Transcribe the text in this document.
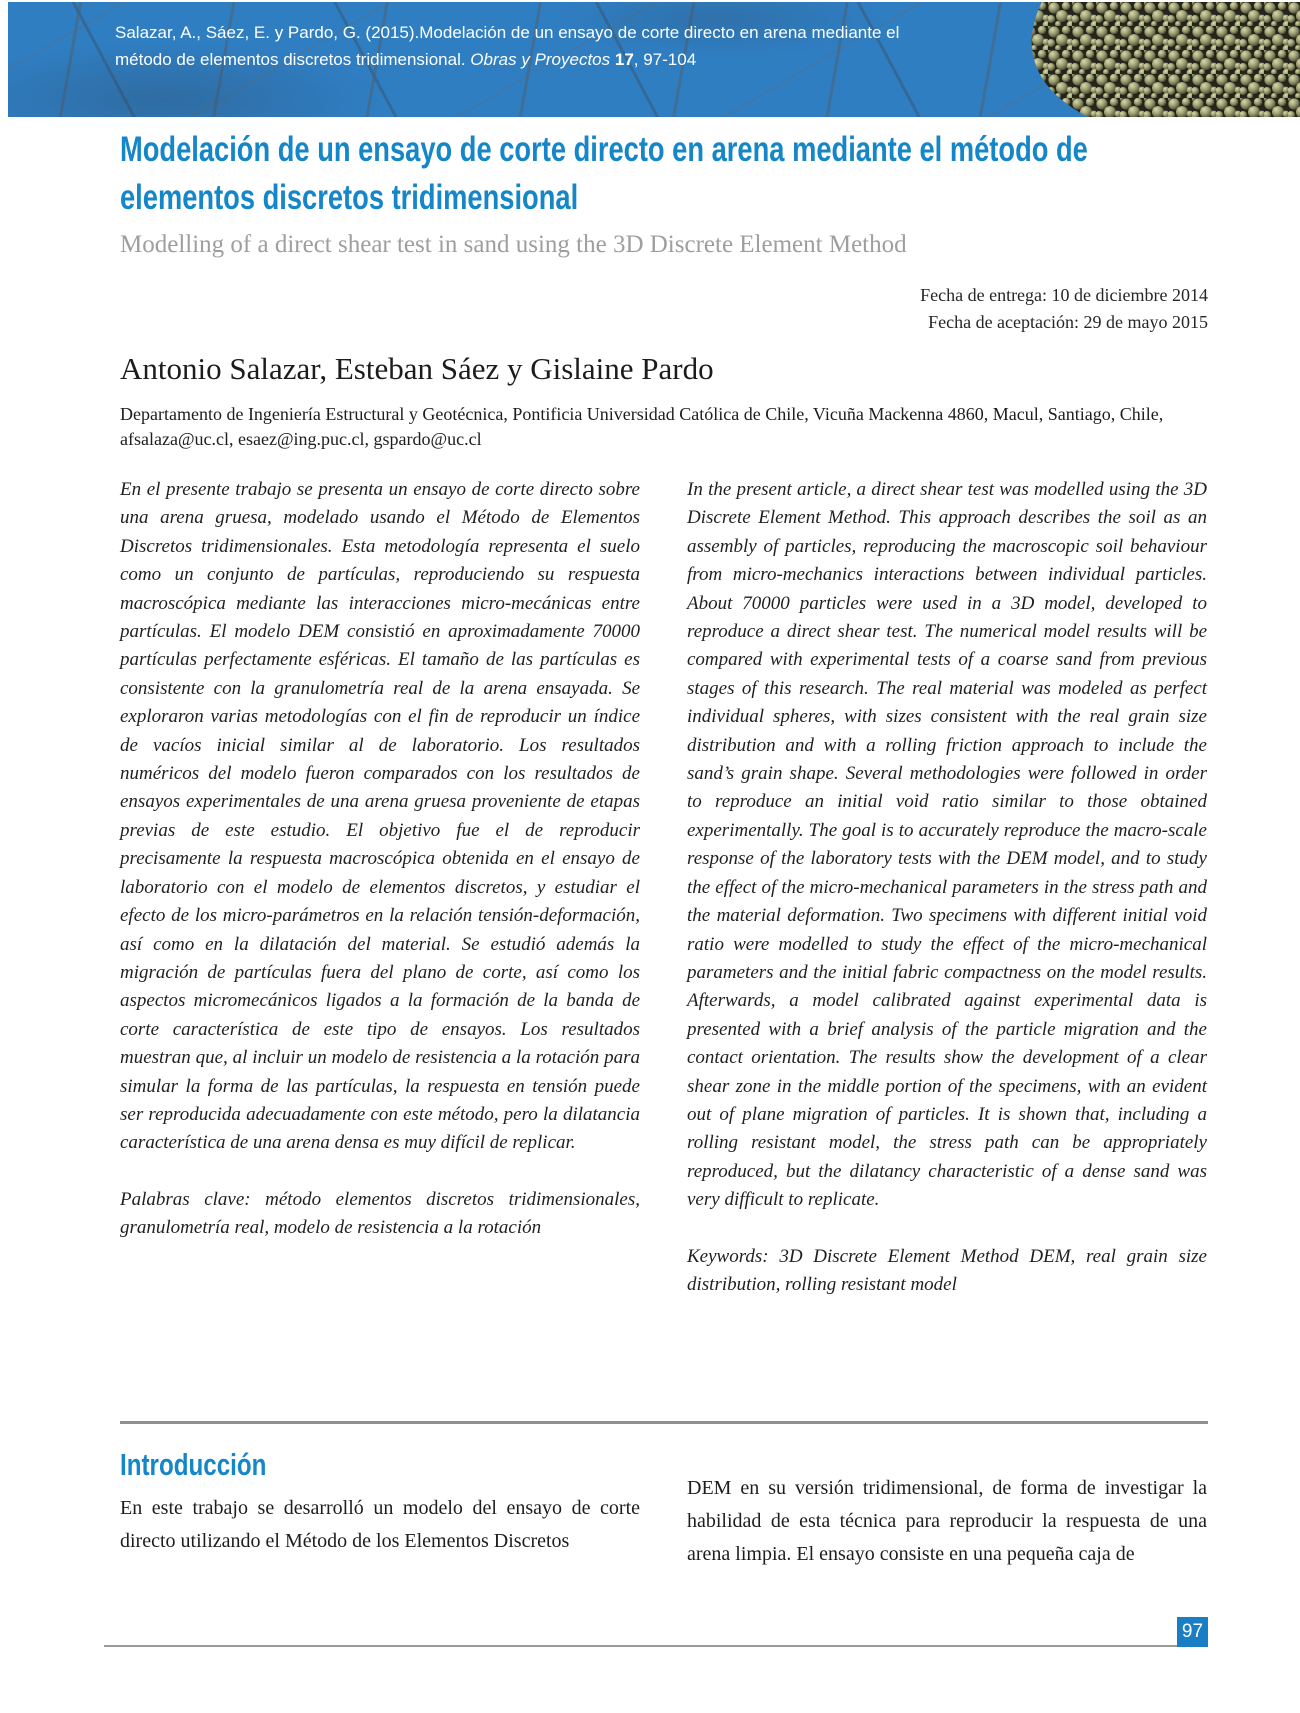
Salazar, A., Sáez, E. y Pardo, G. (2015).Modelación de un ensayo de corte directo en arena mediante el método de elementos discretos tridimensional. Obras y Proyectos 17, 97-104
Modelación de un ensayo de corte directo en arena mediante el método de
elementos discretos tridimensional
Modelling of a direct shear test in sand using the 3D Discrete Element Method
Fecha de entrega: 10 de diciembre 2014
Fecha de aceptación: 29 de mayo 2015
Antonio Salazar, Esteban Sáez y Gislaine Pardo
Departamento de Ingeniería Estructural y Geotécnica, Pontificia Universidad Católica de Chile, Vicuña Mackenna 4860, Macul, Santiago, Chile, afsalaza@uc.cl, esaez@ing.puc.cl, gspardo@uc.cl

En el presente trabajo se presenta un ensayo de corte directo sobre una arena gruesa, modelado usando el Método de Elementos Discretos tridimensionales. Esta metodología representa el suelo como un conjunto de partículas, reproduciendo su respuesta macroscópica mediante las interacciones micro-mecánicas entre partículas. El modelo DEM consistió en aproximadamente 70000 partículas perfectamente esféricas. El tamaño de las partículas es consistente con la granulometría real de la arena ensayada. Se exploraron varias metodologías con el fin de reproducir un índice de vacíos inicial similar al de laboratorio. Los resultados numéricos del modelo fueron comparados con los resultados de ensayos experimentales de una arena gruesa proveniente de etapas previas de este estudio. El objetivo fue el de reproducir precisamente la respuesta macroscópica obtenida en el ensayo de laboratorio con el modelo de elementos discretos, y estudiar el efecto de los micro-parámetros en la relación tensión-deformación, así como en la dilatación del material. Se estudió además la migración de partículas fuera del plano de corte, así como los aspectos micromecánicos ligados a la formación de la banda de corte característica de este tipo de ensayos. Los resultados muestran que, al incluir un modelo de resistencia a la rotación para simular la forma de las partículas, la respuesta en tensión puede ser reproducida adecuadamente con este método, pero la dilatancia característica de una arena densa es muy difícil de replicar.

Palabras clave: método elementos discretos tridimensionales, granulometría real, modelo de resistencia a la rotación

In the present article, a direct shear test was modelled using the 3D Discrete Element Method. This approach describes the soil as an assembly of particles, reproducing the macroscopic soil behaviour from micro-mechanics interactions between individual particles. About 70000 particles were used in a 3D model, developed to reproduce a direct shear test. The numerical model results will be compared with experimental tests of a coarse sand from previous stages of this research. The real material was modeled as perfect individual spheres, with sizes consistent with the real grain size distribution and with a rolling friction approach to include the sand’s grain shape. Several methodologies were followed in order to reproduce an initial void ratio similar to those obtained experimentally. The goal is to accurately reproduce the macro-scale response of the laboratory tests with the DEM model, and to study the effect of the micro-mechanical parameters in the stress path and the material deformation. Two specimens with different initial void ratio were modelled to study the effect of the micro-mechanical parameters and the initial fabric compactness on the model results. Afterwards, a model calibrated against experimental data is presented with a brief analysis of the particle migration and the contact orientation. The results show the development of a clear shear zone in the middle portion of the specimens, with an evident out of plane migration of particles. It is shown that, including a rolling resistant model, the stress path can be appropriately reproduced, but the dilatancy characteristic of a dense sand was very difficult to replicate.

Keywords: 3D Discrete Element Method DEM, real grain size distribution, rolling resistant model

Introducción

En este trabajo se desarrolló un modelo del ensayo de corte directo utilizando el Método de los Elementos Discretos

DEM en su versión tridimensional, de forma de investigar la habilidad de esta técnica para reproducir la respuesta de una arena limpia. El ensayo consiste en una pequeña caja de

97
